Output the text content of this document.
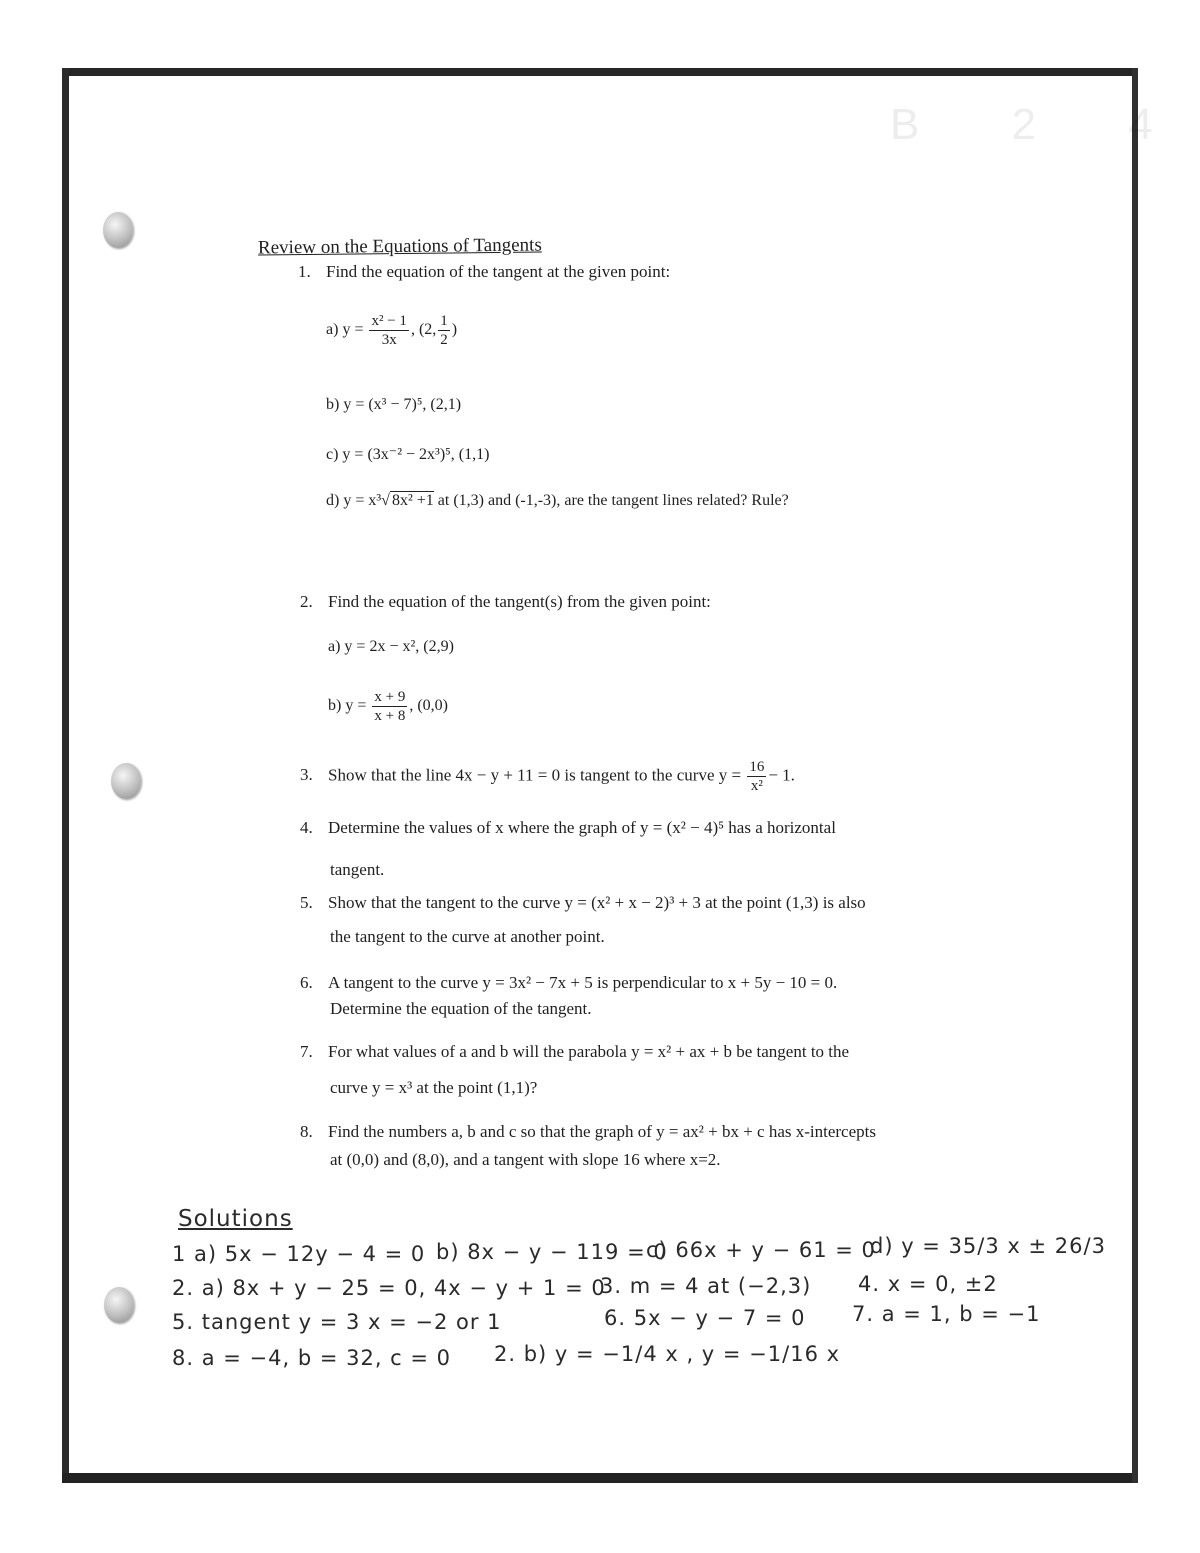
B 2 4
Review on the Equations of Tangents
1. Find the equation of the tangent at the given point:
a) $y = \frac{\text{x² − 1}}{3x}$ , (2, $\frac{1}{2}$ )
b) y = (x³ − 7)⁵, (2,1)
c) y = (3x⁻² − 2x³)⁵, (1,1)
d) y = x³√ 8x² +1 at (1,3) and (-1,-3), are the tangent lines related? Rule?
2. Find the equation of the tangent(s) from the given point:
a) y = 2x − x², (2,9)
b) $y = \frac{x + 9}{x + 8}$ , (0,0)
3. Show that the line 4x − y + 11 = 0 is tangent to the curve $y = \frac{16}{\text{x²}} - 1$.
4. Determine the values of x where the graph of y = (x² − 4)⁵ has a horizontal
tangent.
5. Show that the tangent to the curve y = (x² + x − 2)³ + 3 at the point (1,3) is also
the tangent to the curve at another point.
6. A tangent to the curve y = 3x² − 7x + 5 is perpendicular to x + 5y − 10 = 0.
Determine the equation of the tangent.
7. For what values of a and b will the parabola y = x² + ax + b be tangent to the
curve y = x³ at the point (1,1)?
8. Find the numbers a, b and c so that the graph of y = ax² + bx + c has x-intercepts
at (0,0) and (8,0), and a tangent with slope 16 where x=2.
Solutions
1 a) 5x − 12y − 4 = 0 b) 8x − y − 119 = 0
c) 66x + y − 61 = 0
d) y = 35/3 x ± 26/3
2. a) 8x + y − 25 = 0, 4x − y + 1 = 0
3. m = 4 at (−2,3) 4. x = 0, ±2
5. tangent y = 3 x = −2 or 1	6. 5x − y − 7 = 0 7. a = 1, b = −1
8. a = −4, b = 32, c = 0 2. b) y = −1/4 x , y = −1/16 x
